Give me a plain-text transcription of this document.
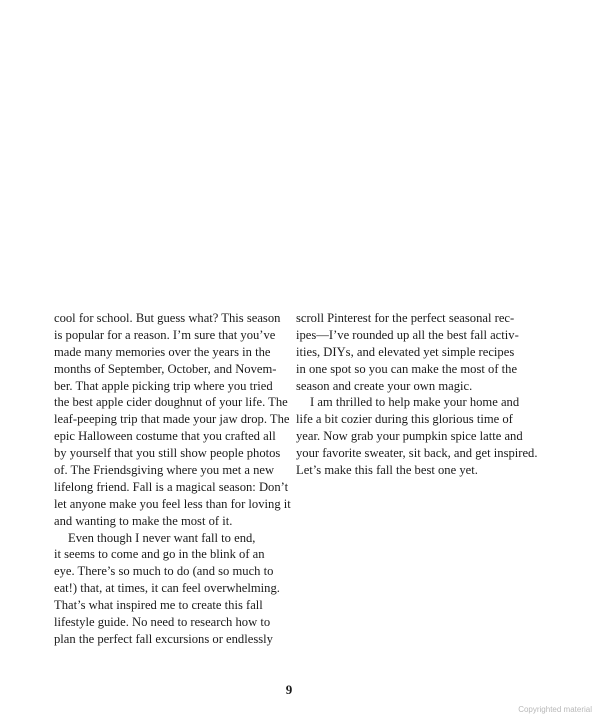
cool for school. But guess what? This season
is popular for a reason. I’m sure that you’ve
made many memories over the years in the
months of September, October, and Novem-
ber. That apple picking trip where you tried
the best apple cider doughnut of your life. The
leaf-peeping trip that made your jaw drop. The
epic Halloween costume that you crafted all
by yourself that you still show people photos
of. The Friendsgiving where you met a new
lifelong friend. Fall is a magical season: Don’t
let anyone make you feel less than for loving it
and wanting to make the most of it.
Even though I never want fall to end,
it seems to come and go in the blink of an
eye. There’s so much to do (and so much to
eat!) that, at times, it can feel overwhelming.
That’s what inspired me to create this fall
lifestyle guide. No need to research how to
plan the perfect fall excursions or endlessly
scroll Pinterest for the perfect seasonal rec-
ipes—I’ve rounded up all the best fall activ-
ities, DIYs, and elevated yet simple recipes
in one spot so you can make the most of the
season and create your own magic.
I am thrilled to help make your home and
life a bit cozier during this glorious time of
year. Now grab your pumpkin spice latte and
your favorite sweater, sit back, and get inspired.
Let’s make this fall the best one yet.
9
Copyrighted material
